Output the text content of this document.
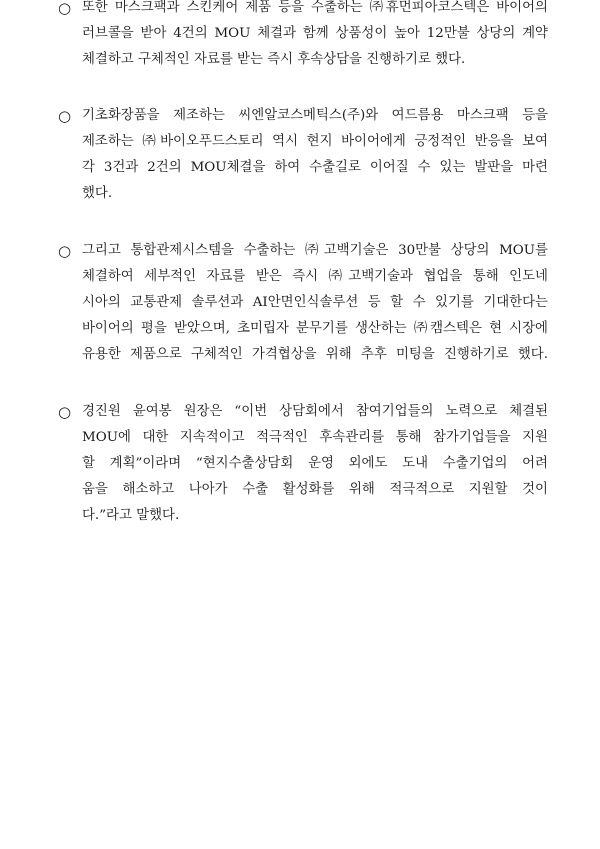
○ 또한 마스크팩과 스킨케어 제품 등을 수출하는 ㈜휴먼피아코스텍은 바이어의
러브콜을 받아 4건의 MOU 체결과 함께 상품성이 높아 12만불 상당의 계약
체결하고 구체적인 자료를 받는 즉시 후속상담을 진행하기로 했다.
○ 기초화장품을 제조하는 씨엔알코스메틱스(주)와 여드름용 마스크팩 등을
제조하는 ㈜바이오푸드스토리 역시 현지 바이어에게 긍정적인 반응을 보여
각 3건과 2건의 MOU체결을 하여 수출길로 이어질 수 있는 발판을 마련
했다.
○ 그리고 통합관제시스템을 수출하는 ㈜고백기술은 30만불 상당의 MOU를
체결하여 세부적인 자료를 받은 즉시 ㈜고백기술과 협업을 통해 인도네
시아의 교통관제 솔루션과 AI안면인식솔루션 등 할 수 있기를 기대한다는
바이어의 평을 받았으며, 초미립자 분무기를 생산하는 ㈜캠스텍은 현 시장에
유용한 제품으로 구체적인 가격협상을 위해 추후 미팅을 진행하기로 했다.
○ 경진원 윤여봉 원장은 “이번 상담회에서 참여기업들의 노력으로 체결된
MOU에 대한 지속적이고 적극적인 후속관리를 통해 참가기업들을 지원
할 계획”이라며 “현지수출상담회 운영 외에도 도내 수출기업의 어려
움을 해소하고 나아가 수출 활성화를 위해 적극적으로 지원할 것이
다.”라고 말했다.
